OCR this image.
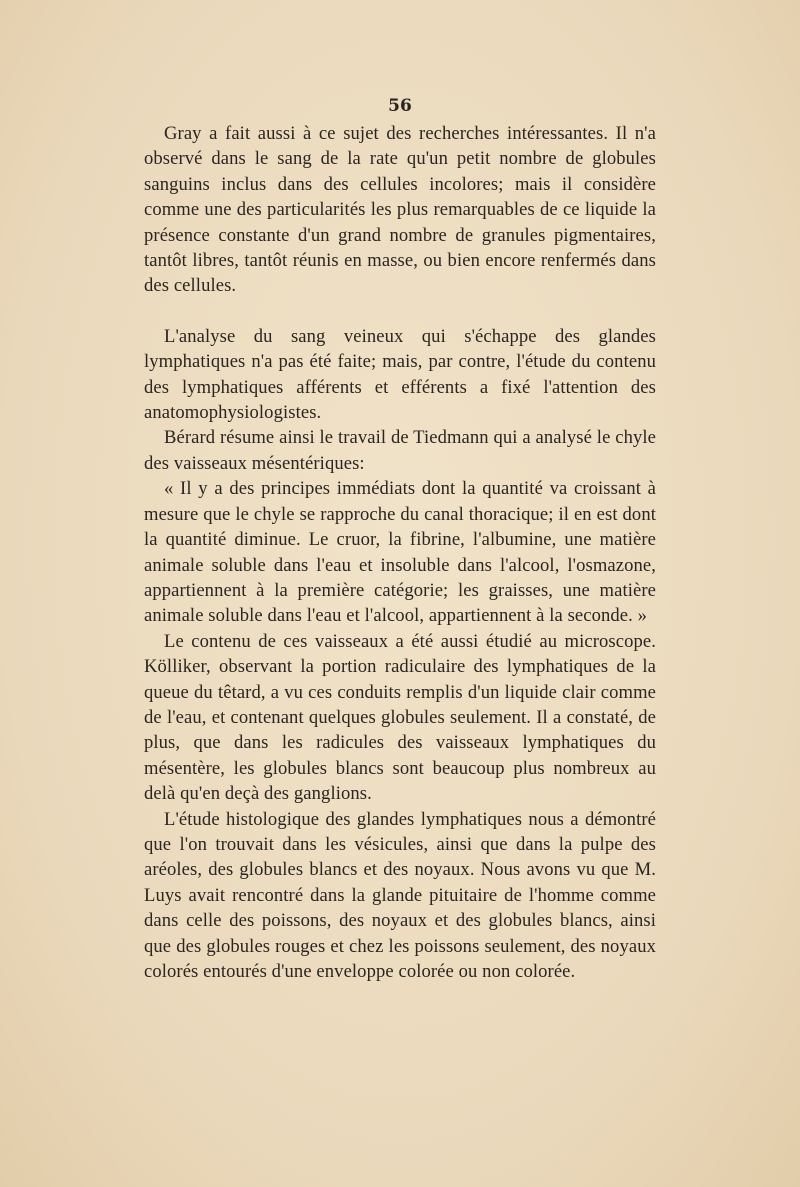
56

Gray a fait aussi à ce sujet des recherches intéressantes. Il n'a observé dans le sang de la rate qu'un petit nombre de globules sanguins inclus dans des cellules incolores; mais il considère comme une des particularités les plus remarquables de ce liquide la présence constante d'un grand nombre de granules pigmentaires, tantôt libres, tantôt réunis en masse, ou bien encore renfermés dans des cellules.

L'analyse du sang veineux qui s'échappe des glandes lymphatiques n'a pas été faite; mais, par contre, l'étude du contenu des lymphatiques afférents et efférents a fixé l'attention des anatomophysiologistes.

Bérard résume ainsi le travail de Tiedmann qui a analysé le chyle des vaisseaux mésentériques:

« Il y a des principes immédiats dont la quantité va croissant à mesure que le chyle se rapproche du canal thoracique; il en est dont la quantité diminue. Le cruor, la fibrine, l'albumine, une matière animale soluble dans l'eau et insoluble dans l'alcool, l'osmazone, appartiennent à la première catégorie; les graisses, une matière animale soluble dans l'eau et l'alcool, appartiennent à la seconde. »

Le contenu de ces vaisseaux a été aussi étudié au microscope. Kölliker, observant la portion radiculaire des lymphatiques de la queue du têtard, a vu ces conduits remplis d'un liquide clair comme de l'eau, et contenant quelques globules seulement. Il a constaté, de plus, que dans les radicules des vaisseaux lymphatiques du mésentère, les globules blancs sont beaucoup plus nombreux au delà qu'en deçà des ganglions.

L'étude histologique des glandes lymphatiques nous a démontré que l'on trouvait dans les vésicules, ainsi que dans la pulpe des aréoles, des globules blancs et des noyaux. Nous avons vu que M. Luys avait rencontré dans la glande pituitaire de l'homme comme dans celle des poissons, des noyaux et des globules blancs, ainsi que des globules rouges et chez les poissons seulement, des noyaux colorés entourés d'une enveloppe colorée ou non colorée.
